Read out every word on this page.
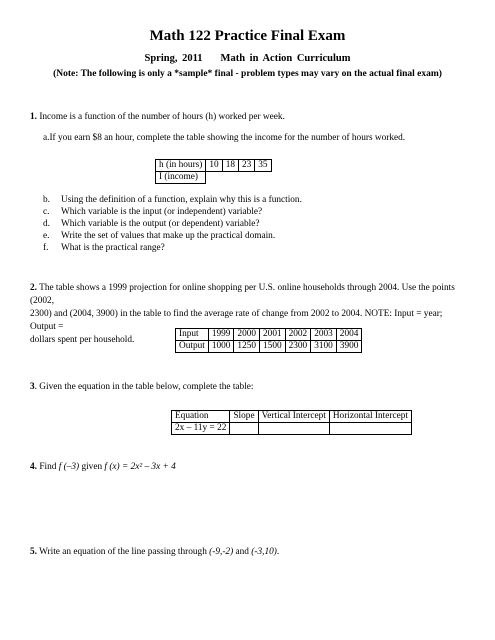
Math 122 Practice Final Exam
Spring, 2011 Math in Action Curriculum
(Note: The following is only a *sample* final - problem types may vary on the actual final exam)
1. Income is a function of the number of hours (h) worked per week.
a.If you earn $8 an hour, complete the table showing the income for the number of hours worked.
h (in hours)	10	18	23	35
I (income)				
b. Using the definition of a function, explain why this is a function.
c. Which variable is the input (or independent) variable?
d. Which variable is the output (or dependent) variable?
e. Write the set of values that make up the practical domain.
f. What is the practical range?
2. The table shows a 1999 projection for online shopping per U.S. online households through 2004. Use the points (2002,
2300) and (2004, 3900) in the table to find the average rate of change from 2002 to 2004. NOTE: Input = year; Output =
dollars spent per household.
Input	1999	2000	2001	2002	2003	2004
Output	1000	1250	1500	2300	3100	3900
3. Given the equation in the table below, complete the table:
Equation	Slope	Vertical Intercept	Horizontal Intercept
2x – 11y = 22			
4. Find f (–3) given f (x) = 2x² – 3x + 4
5. Write an equation of the line passing through (-9,-2) and (-3,10).
